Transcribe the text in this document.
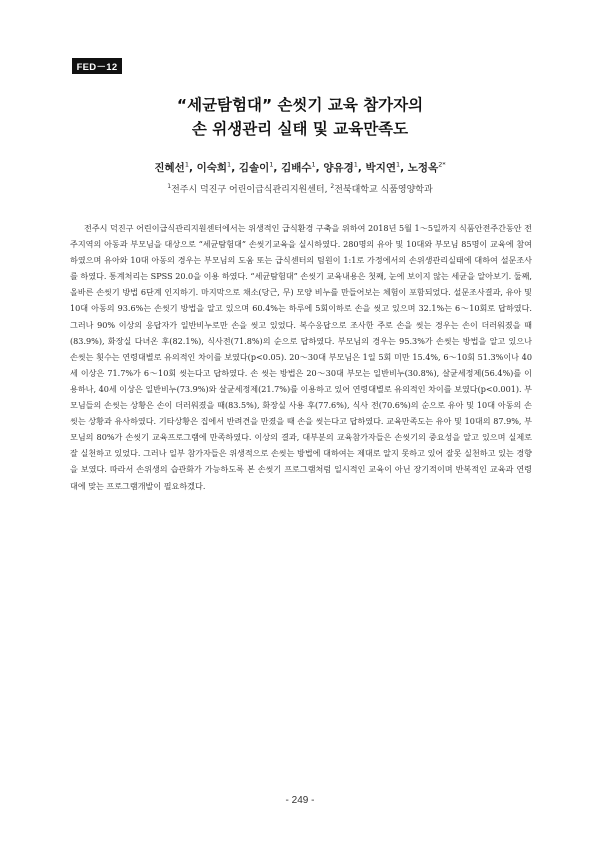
FED－12
“세균탐험대” 손씻기 교육 참가자의
손 위생관리 실태 및 교육만족도
진혜선$^1$, 이숙희$^1$, 김솔이$^1$, 김배수$^1$, 양유경$^1$, 박지연$^1$, 노정옥$^{2*}$
$^1$전주시 덕진구 어린이급식관리지원센터, $^2$전북대학교 식품영양학과
전주시 덕진구 어린이급식관리지원센터에서는 위생적인 급식환경 구축을 위하여 2018년 5월 1～5일까지 식품안전주간동안 전주지역의 아동과 부모님을 대상으로 “세균탐험대” 손씻기교육을 실시하였다. 280명의 유아 및 10대와 부모님 85명이 교육에 참여하였으며 유아와 10대 아동의 경우는 부모님의 도움 또는 급식센터의 팀원이 1:1로 가정에서의 손위생관리실태에 대하여 설문조사를 하였다. 통계처리는 SPSS 20.0을 이용 하였다. “세균탐험대” 손씻기 교육내용은 첫째, 눈에 보이지 않는 세균을 알아보기. 둘째, 올바른 손씻기 방법 6단계 인지하기. 마지막으로 채소(당근, 무) 모양 비누를 만들어보는 체험이 포함되었다. 설문조사결과, 유아 및 10대 아동의 93.6%는 손씻기 방법을 알고 있으며 60.4%는 하루에 5회이하로 손을 씻고 있으며 32.1%는 6～10회로 답하였다. 그러나 90% 이상의 응답자가 일반비누로만 손을 씻고 있었다. 복수응답으로 조사한 주로 손을 씻는 경우는 손이 더러워졌을 때(83.9%), 화장실 다녀온 후(82.1%), 식사전(71.8%)의 순으로 답하였다. 부모님의 경우는 95.3%가 손씻는 방법을 알고 있으나 손씻는 횟수는 연령대별로 유의적인 차이를 보였다(p<0.05). 20～30대 부모님은 1일 5회 미만 15.4%, 6～10회 51.3%이나 40세 이상은 71.7%가 6～10회 씻는다고 답하였다. 손 씻는 방법은 20～30대 부모는 일반비누(30.8%), 살균세정제(56.4%)를 이용하나, 40세 이상은 일반비누(73.9%)와 살균세정제(21.7%)를 이용하고 있어 연령대별로 유의적인 차이를 보였다(p<0.001). 부모님들의 손씻는 상황은 손이 더러워졌을 때(83.5%), 화장실 사용 후(77.6%), 식사 전(70.6%)의 순으로 유아 및 10대 아동의 손씻는 상황과 유사하였다. 기타상황은 집에서 반려견을 만졌을 때 손을 씻는다고 답하였다. 교육만족도는 유아 및 10대의 87.9%, 부모님의 80%가 손씻기 교육프로그램에 만족하였다. 이상의 결과, 대부분의 교육참가자들은 손씻기의 중요성을 알고 있으며 실제로 잘 실천하고 있었다. 그러나 일부 참가자들은 위생적으로 손씻는 방법에 대하여는 제대로 알지 못하고 있어 잘못 실천하고 있는 경향을 보였다. 따라서 손위생의 습관화가 가능하도록 본 손씻기 프로그램처럼 일시적인 교육이 아닌 장기적이며 반복적인 교육과 연령대에 맞는 프로그램개발이 필요하겠다.
- 249 -
